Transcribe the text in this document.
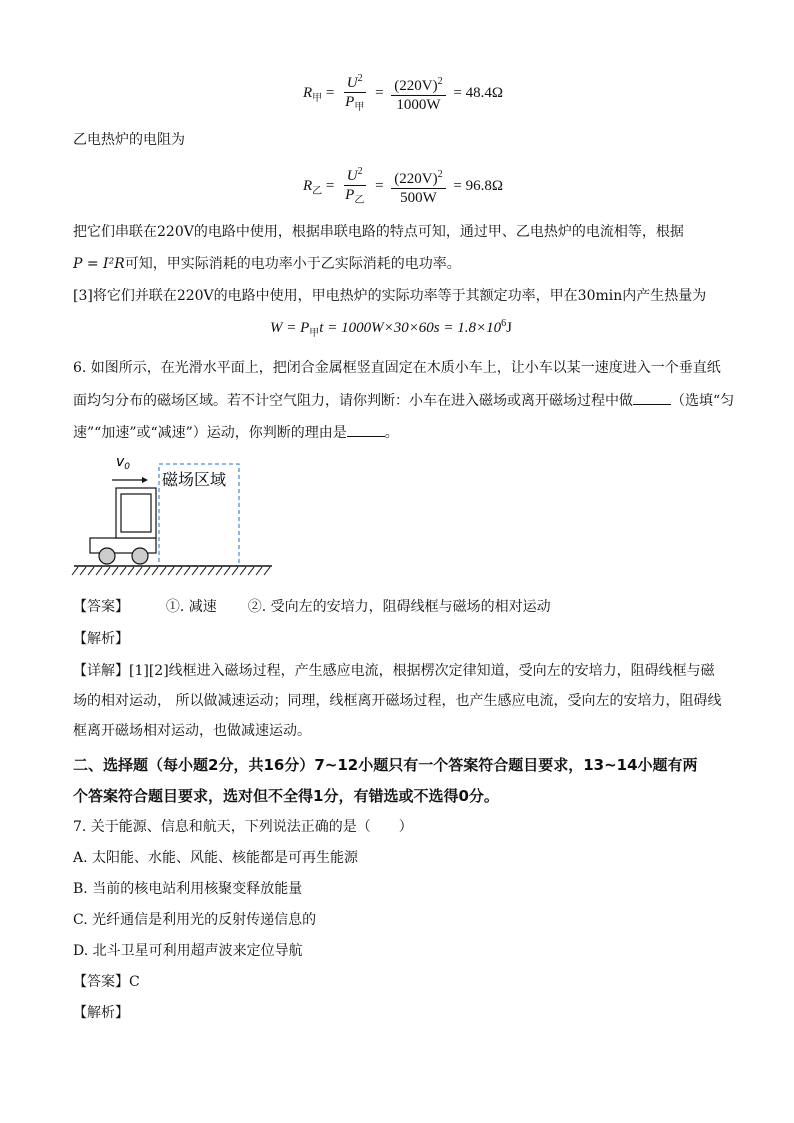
$R_甲 = \frac{U^2}{P_甲} = \frac{(220V)^2}{1000W} = 48.4\Omega$
乙电热炉的电阻为
$R_乙 = \frac{U^2}{P_乙} = \frac{(220V)^2}{500W} = 96.8\Omega$
把它们串联在220V的电路中使用，根据串联电路的特点可知，通过甲、乙电热炉的电流相等，根据
P = I²R可知，甲实际消耗的电功率小于乙实际消耗的电功率。
[3]将它们并联在220V的电路中使用，甲电热炉的实际功率等于其额定功率，甲在30min内产生热量为
$W = P_甲t = 1000W\times 30\times 60s = 1.8\times 10^6J$
6. 如图所示，在光滑水平面上，把闭合金属框竖直固定在木质小车上，让小车以某一速度进入一个垂直纸
面均匀分布的磁场区域。若不计空气阻力，请你判断：小车在进入磁场或离开磁场过程中做	（选填“匀
速”“加速”或“减速”）运动，你判断的理由是	。
$v_0$
磁场区域
【答案】	①. 减速 ②. 受向左的安培力，阻碍线框与磁场的相对运动
【解析】
【详解】[1][2]线框进入磁场过程，产生感应电流，根据楞次定律知道，受向左的安培力，阻碍线框与磁
场的相对运动， 所以做减速运动；同理，线框离开磁场过程，也产生感应电流，受向左的安培力，阻碍线
框离开磁场相对运动，也做减速运动。
二、选择题（每小题2分，共16分）7~12小题只有一个答案符合题目要求，13~14小题有两
个答案符合题目要求，选对但不全得1分，有错选或不选得0分。
7. 关于能源、信息和航天，下列说法正确的是（　　）
A. 太阳能、水能、风能、核能都是可再生能源
B. 当前的核电站利用核聚变释放能量
C. 光纤通信是利用光的反射传递信息的
D. 北斗卫星可利用超声波来定位导航
【答案】C
【解析】
